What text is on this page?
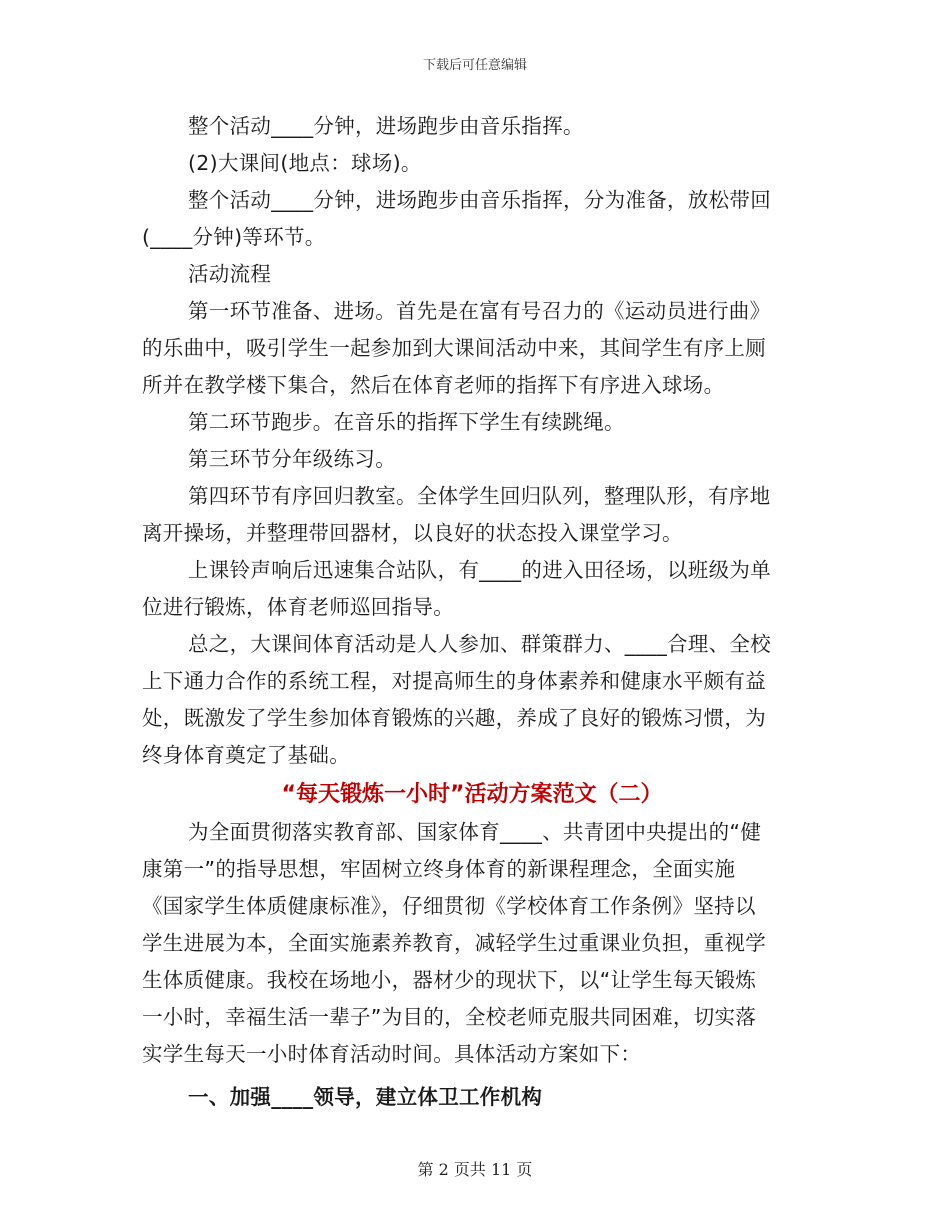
下载后可任意编辑
整个活动____分钟，进场跑步由音乐指挥。
(2)大课间(地点：球场)。
整个活动____分钟，进场跑步由音乐指挥，分为准备，放松带回
(____分钟)等环节。
活动流程
第一环节准备、进场。首先是在富有号召力的《运动员进行曲》
的乐曲中，吸引学生一起参加到大课间活动中来，其间学生有序上厕
所并在教学楼下集合，然后在体育老师的指挥下有序进入球场。
第二环节跑步。在音乐的指挥下学生有续跳绳。
第三环节分年级练习。
第四环节有序回归教室。全体学生回归队列，整理队形，有序地
离开操场，并整理带回器材，以良好的状态投入课堂学习。
上课铃声响后迅速集合站队，有____的进入田径场，以班级为单
位进行锻炼，体育老师巡回指导。
总之，大课间体育活动是人人参加、群策群力、____合理、全校
上下通力合作的系统工程，对提高师生的身体素养和健康水平颇有益
处，既激发了学生参加体育锻炼的兴趣，养成了良好的锻炼习惯，为
终身体育奠定了基础。
“每天锻炼一小时”活动方案范文（二）
为全面贯彻落实教育部、国家体育____、共青团中央提出的“健
康第一”的指导思想，牢固树立终身体育的新课程理念，全面实施
《国家学生体质健康标准》，仔细贯彻《学校体育工作条例》坚持以
学生进展为本，全面实施素养教育，减轻学生过重课业负担，重视学
生体质健康。我校在场地小，器材少的现状下，以“让学生每天锻炼
一小时，幸福生活一辈子”为目的，全校老师克服共同困难，切实落
实学生每天一小时体育活动时间。具体活动方案如下：
一、加强____领导，建立体卫工作机构
第 2 页共 11 页
